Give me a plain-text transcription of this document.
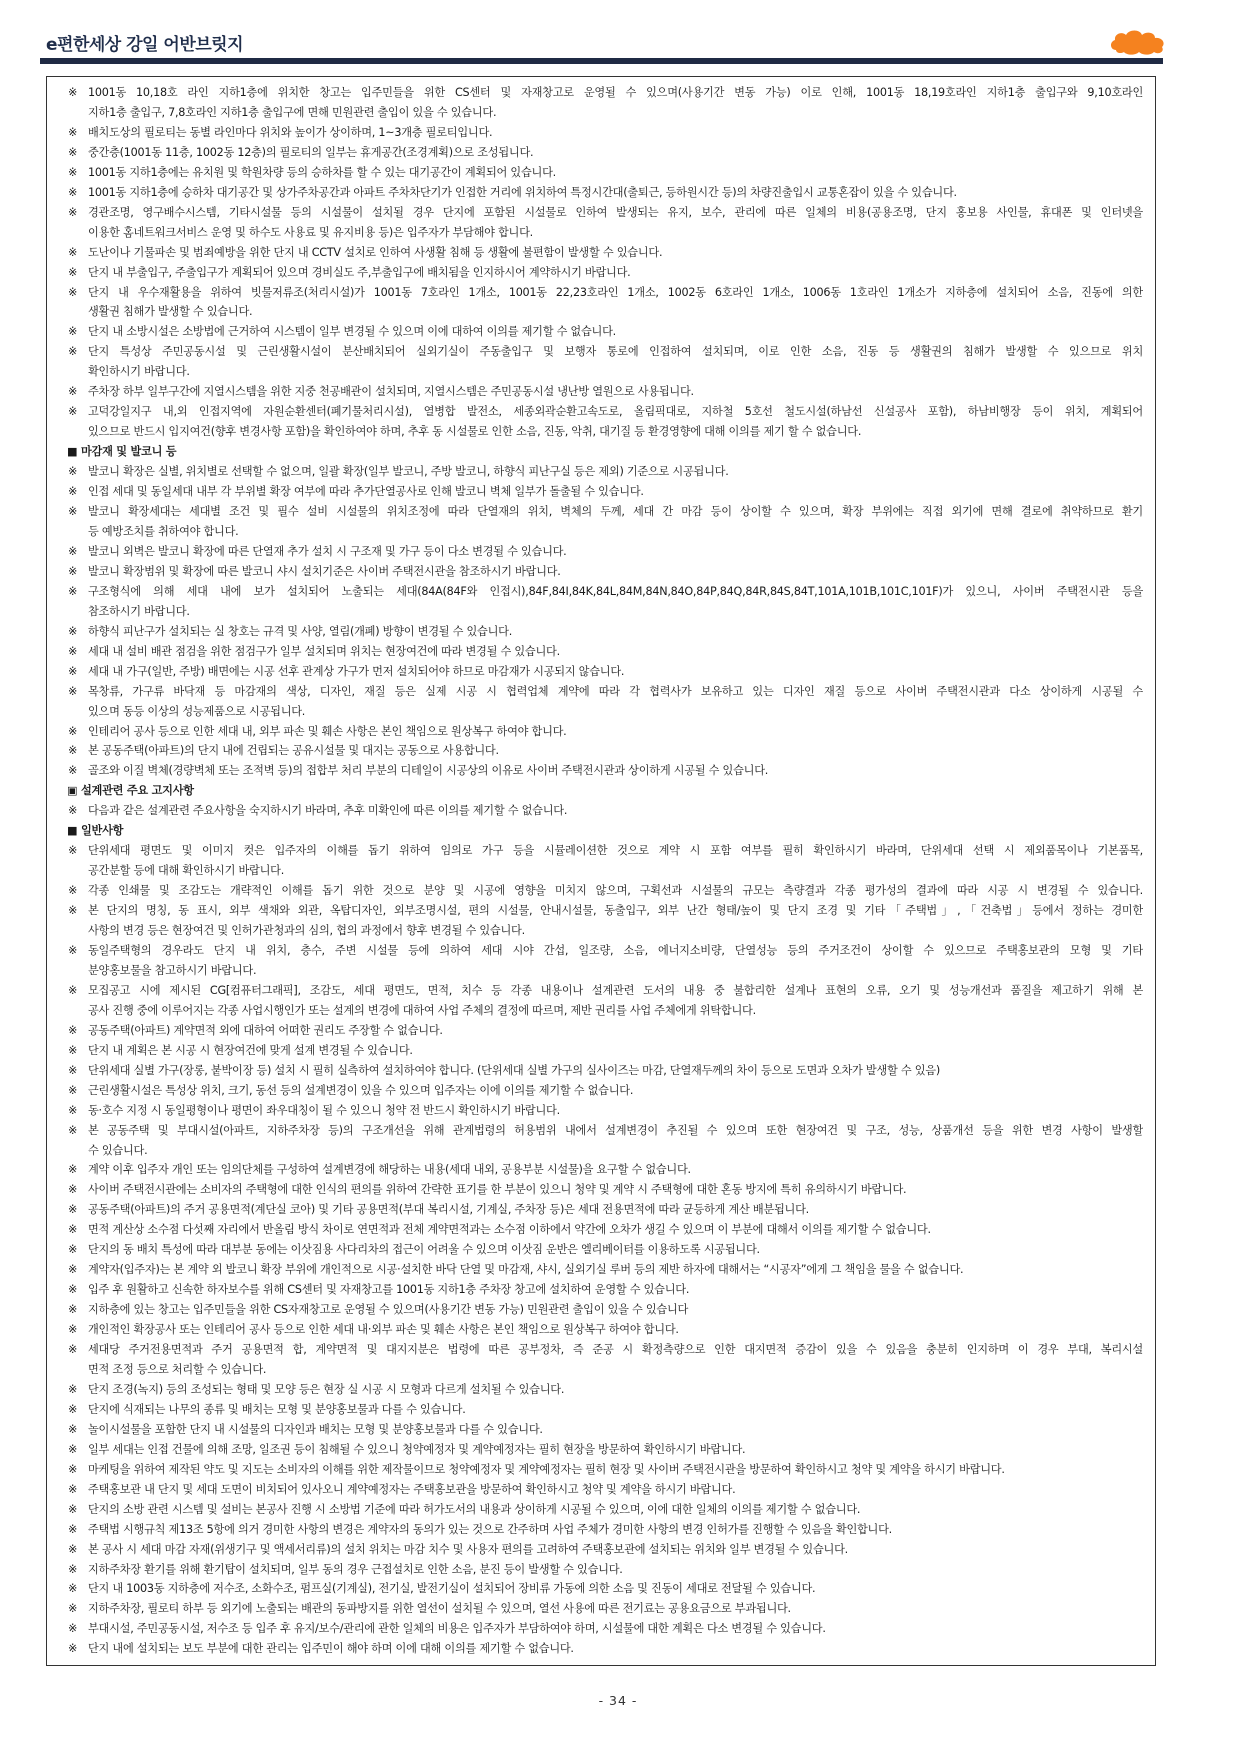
e편한세상 강일 어반브릿지
※ 1001동 10,18호 라인 지하1층에 위치한 창고는 입주민들을 위한 CS센터 및 자재창고로 운영될 수 있으며(사용기간 변동 가능) 이로 인해, 1001동 18,19호라인 지하1층 출입구와 9,10호라인
지하1층 출입구, 7,8호라인 지하1층 출입구에 면해 민원관련 출입이 있을 수 있습니다.
※ 배치도상의 필로티는 동별 라인마다 위치와 높이가 상이하며, 1~3개층 필로티입니다.
※ 중간층(1001동 11층, 1002동 12층)의 필로티의 일부는 휴게공간(조경계획)으로 조성됩니다.
※ 1001동 지하1층에는 유치원 및 학원차량 등의 승하차를 할 수 있는 대기공간이 계획되어 있습니다.
※ 1001동 지하1층에 승하차 대기공간 및 상가주차공간과 아파트 주차차단기가 인접한 거리에 위치하여 특정시간대(출퇴근, 등하원시간 등)의 차량진출입시 교통혼잡이 있을 수 있습니다.
※ 경관조명, 영구배수시스템, 기타시설물 등의 시설물이 설치될 경우 단지에 포함된 시설물로 인하여 발생되는 유지, 보수, 관리에 따른 일체의 비용(공용조명, 단지 홍보용 사인물, 휴대폰 및 인터넷을
이용한 홈네트워크서비스 운영 및 하수도 사용료 및 유지비용 등)은 입주자가 부담해야 합니다.
※ 도난이나 기물파손 및 범죄예방을 위한 단지 내 CCTV 설치로 인하여 사생활 침해 등 생활에 불편함이 발생할 수 있습니다.
※ 단지 내 부출입구, 주출입구가 계획되어 있으며 경비실도 주,부출입구에 배치됨을 인지하시어 계약하시기 바랍니다.
※ 단지 내 우수재활용을 위하여 빗물저류조(처리시설)가 1001동 7호라인 1개소, 1001동 22,23호라인 1개소, 1002동 6호라인 1개소, 1006동 1호라인 1개소가 지하층에 설치되어 소음, 진동에 의한
생활권 침해가 발생할 수 있습니다.
※ 단지 내 소방시설은 소방법에 근거하여 시스템이 일부 변경될 수 있으며 이에 대하여 이의를 제기할 수 없습니다.
※ 단지 특성상 주민공동시설 및 근린생활시설이 분산배치되어 실외기실이 주동출입구 및 보행자 통로에 인접하여 설치되며, 이로 인한 소음, 진동 등 생활권의 침해가 발생할 수 있으므로 위치
확인하시기 바랍니다.
※ 주차장 하부 일부구간에 지열시스템을 위한 지중 천공배관이 설치되며, 지열시스템은 주민공동시설 냉난방 열원으로 사용됩니다.
※ 고덕강일지구 내,외 인접지역에 자원순환센터(폐기물처리시설), 열병합 발전소, 세종외곽순환고속도로, 올림픽대로, 지하철 5호선 철도시설(하남선 신설공사 포함), 하남비행장 등이 위치, 계획되어
있으므로 반드시 입지여건(향후 변경사항 포함)을 확인하여야 하며, 추후 동 시설물로 인한 소음, 진동, 악취, 대기질 등 환경영향에 대해 이의를 제기 할 수 없습니다.
■ 마감재 및 발코니 등
※ 발코니 확장은 실별, 위치별로 선택할 수 없으며, 일괄 확장(일부 발코니, 주방 발코니, 하향식 피난구실 등은 제외) 기준으로 시공됩니다.
※ 인접 세대 및 동일세대 내부 각 부위별 확장 여부에 따라 추가단열공사로 인해 발코니 벽체 일부가 돌출될 수 있습니다.
※ 발코니 확장세대는 세대별 조건 및 필수 설비 시설물의 위치조정에 따라 단열재의 위치, 벽체의 두께, 세대 간 마감 등이 상이할 수 있으며, 확장 부위에는 직접 외기에 면해 결로에 취약하므로 환기
등 예방조치를 취하여야 합니다.
※ 발코니 외벽은 발코니 확장에 따른 단열재 추가 설치 시 구조재 및 가구 등이 다소 변경될 수 있습니다.
※ 발코니 확장범위 및 확장에 따른 발코니 샤시 설치기준은 사이버 주택전시관을 참조하시기 바랍니다.
※ 구조형식에 의해 세대 내에 보가 설치되어 노출되는 세대(84A(84F와 인접시),84F,84I,84K,84L,84M,84N,84O,84P,84Q,84R,84S,84T,101A,101B,101C,101F)가 있으니, 사이버 주택전시관 등을
참조하시기 바랍니다.
※ 하향식 피난구가 설치되는 실 창호는 규격 및 사양, 열림(개폐) 방향이 변경될 수 있습니다.
※ 세대 내 설비 배관 점검을 위한 점검구가 일부 설치되며 위치는 현장여건에 따라 변경될 수 있습니다.
※ 세대 내 가구(일반, 주방) 배면에는 시공 선후 관계상 가구가 먼저 설치되어야 하므로 마감재가 시공되지 않습니다.
※ 목창류, 가구류 바닥재 등 마감재의 색상, 디자인, 재질 등은 실제 시공 시 협력업체 계약에 따라 각 협력사가 보유하고 있는 디자인 재질 등으로 사이버 주택전시관과 다소 상이하게 시공될 수
있으며 동등 이상의 성능제품으로 시공됩니다.
※ 인테리어 공사 등으로 인한 세대 내, 외부 파손 및 훼손 사항은 본인 책임으로 원상복구 하여야 합니다.
※ 본 공동주택(아파트)의 단지 내에 건립되는 공유시설물 및 대지는 공동으로 사용합니다.
※ 골조와 이질 벽체(경량벽체 또는 조적벽 등)의 접합부 처리 부분의 디테일이 시공상의 이유로 사이버 주택전시관과 상이하게 시공될 수 있습니다.
▣ 설계관련 주요 고지사항
※ 다음과 같은 설계관련 주요사항을 숙지하시기 바라며, 추후 미확인에 따른 이의를 제기할 수 없습니다.
■ 일반사항
※ 단위세대 평면도 및 이미지 컷은 입주자의 이해를 돕기 위하여 임의로 가구 등을 시뮬레이션한 것으로 계약 시 포함 여부를 필히 확인하시기 바라며, 단위세대 선택 시 제외품목이나 기본품목,
공간분할 등에 대해 확인하시기 바랍니다.
※ 각종 인쇄물 및 조감도는 개략적인 이해를 돕기 위한 것으로 분양 및 시공에 영향을 미치지 않으며, 구획선과 시설물의 규모는 측량결과 각종 평가성의 결과에 따라 시공 시 변경될 수 있습니다.
※ 본 단지의 명칭, 동 표시, 외부 색채와 외관, 옥탑디자인, 외부조명시설, 편의 시설물, 안내시설물, 동출입구, 외부 난간 형태/높이 및 단지 조경 및 기타「주택법」,「건축법」등에서 정하는 경미한
사항의 변경 등은 현장여건 및 인허가관청과의 심의, 협의 과정에서 향후 변경될 수 있습니다.
※ 동일주택형의 경우라도 단지 내 위치, 층수, 주변 시설물 등에 의하여 세대 시야 간섭, 일조량, 소음, 에너지소비량, 단열성능 등의 주거조건이 상이할 수 있으므로 주택홍보관의 모형 및 기타
분양홍보물을 참고하시기 바랍니다.
※ 모집공고 시에 제시된 CG[컴퓨터그래픽], 조감도, 세대 평면도, 면적, 치수 등 각종 내용이나 설계관련 도서의 내용 중 불합리한 설계나 표현의 오류, 오기 및 성능개선과 품질을 제고하기 위해 본
공사 진행 중에 이루어지는 각종 사업시행인가 또는 설계의 변경에 대하여 사업 주체의 결정에 따르며, 제반 권리를 사업 주체에게 위탁합니다.
※ 공동주택(아파트) 계약면적 외에 대하여 어떠한 권리도 주장할 수 없습니다.
※ 단지 내 계획은 본 시공 시 현장여건에 맞게 설계 변경될 수 있습니다.
※ 단위세대 실별 가구(장롱, 붙박이장 등) 설치 시 필히 실측하여 설치하여야 합니다. (단위세대 실별 가구의 실사이즈는 마감, 단열재두께의 차이 등으로 도면과 오차가 발생할 수 있음)
※ 근린생활시설은 특성상 위치, 크기, 동선 등의 설계변경이 있을 수 있으며 입주자는 이에 이의를 제기할 수 없습니다.
※ 동·호수 지정 시 동일평형이나 평면이 좌우대칭이 될 수 있으니 청약 전 반드시 확인하시기 바랍니다.
※ 본 공동주택 및 부대시설(아파트, 지하주차장 등)의 구조개선을 위해 관계법령의 허용범위 내에서 설계변경이 추진될 수 있으며 또한 현장여건 및 구조, 성능, 상품개선 등을 위한 변경 사항이 발생할
수 있습니다.
※ 계약 이후 입주자 개인 또는 임의단체를 구성하여 설계변경에 해당하는 내용(세대 내외, 공용부분 시설물)을 요구할 수 없습니다.
※ 사이버 주택전시관에는 소비자의 주택형에 대한 인식의 편의를 위하여 간략한 표기를 한 부분이 있으니 청약 및 계약 시 주택형에 대한 혼동 방지에 특히 유의하시기 바랍니다.
※ 공동주택(아파트)의 주거 공용면적(계단실 코아) 및 기타 공용면적(부대 복리시설, 기계실, 주차장 등)은 세대 전용면적에 따라 균등하게 계산 배분됩니다.
※ 면적 계산상 소수점 다섯째 자리에서 반올림 방식 차이로 연면적과 전체 계약면적과는 소수점 이하에서 약간에 오차가 생길 수 있으며 이 부분에 대해서 이의를 제기할 수 없습니다.
※ 단지의 동 배치 특성에 따라 대부분 동에는 이삿짐용 사다리차의 접근이 어려울 수 있으며 이삿짐 운반은 엘리베이터를 이용하도록 시공됩니다.
※ 계약자(입주자)는 본 계약 외 발코니 확장 부위에 개인적으로 시공·설치한 바닥 단열 및 마감재, 샤시, 실외기실 루버 등의 제반 하자에 대해서는 “시공자”에게 그 책임을 물을 수 없습니다.
※ 입주 후 원활하고 신속한 하자보수를 위해 CS센터 및 자재창고를 1001동 지하1층 주차장 창고에 설치하여 운영할 수 있습니다.
※ 지하층에 있는 창고는 입주민들을 위한 CS자재창고로 운영될 수 있으며(사용기간 변동 가능) 민원관련 출입이 있을 수 있습니다
※ 개인적인 확장공사 또는 인테리어 공사 등으로 인한 세대 내·외부 파손 및 훼손 사항은 본인 책임으로 원상복구 하여야 합니다.
※ 세대당 주거전용면적과 주거 공용면적 합, 계약면적 및 대지지분은 법령에 따른 공부정차, 즉 준공 시 확정측량으로 인한 대지면적 증감이 있을 수 있음을 충분히 인지하며 이 경우 부대, 복리시설
면적 조정 등으로 처리할 수 있습니다.
※ 단지 조경(녹지) 등의 조성되는 형태 및 모양 등은 현장 실 시공 시 모형과 다르게 설치될 수 있습니다.
※ 단지에 식재되는 나무의 종류 및 배치는 모형 및 분양홍보물과 다를 수 있습니다.
※ 놀이시설물을 포함한 단지 내 시설물의 디자인과 배치는 모형 및 분양홍보물과 다를 수 있습니다.
※ 일부 세대는 인접 건물에 의해 조망, 일조권 등이 침해될 수 있으니 청약예정자 및 계약예정자는 필히 현장을 방문하여 확인하시기 바랍니다.
※ 마케팅을 위하여 제작된 약도 및 지도는 소비자의 이해를 위한 제작물이므로 청약예정자 및 계약예정자는 필히 현장 및 사이버 주택전시관을 방문하여 확인하시고 청약 및 계약을 하시기 바랍니다.
※ 주택홍보관 내 단지 및 세대 도면이 비치되어 있사오니 계약예정자는 주택홍보관을 방문하여 확인하시고 청약 및 계약을 하시기 바랍니다.
※ 단지의 소방 관련 시스템 및 설비는 본공사 진행 시 소방법 기준에 따라 허가도서의 내용과 상이하게 시공될 수 있으며, 이에 대한 일체의 이의를 제기할 수 없습니다.
※ 주택법 시행규칙 제13조 5항에 의거 경미한 사항의 변경은 계약자의 동의가 있는 것으로 간주하며 사업 주체가 경미한 사항의 변경 인허가를 진행할 수 있음을 확인합니다.
※ 본 공사 시 세대 마감 자재(위생기구 및 액세서리류)의 설치 위치는 마감 치수 및 사용자 편의를 고려하여 주택홍보관에 설치되는 위치와 일부 변경될 수 있습니다.
※ 지하주차장 환기를 위해 환기탑이 설치되며, 일부 동의 경우 근접설치로 인한 소음, 분진 등이 발생할 수 있습니다.
※ 단지 내 1003동 지하층에 저수조, 소화수조, 펌프실(기계실), 전기실, 발전기실이 설치되어 장비류 가동에 의한 소음 및 진동이 세대로 전달될 수 있습니다.
※ 지하주차장, 필로티 하부 등 외기에 노출되는 배관의 동파방지를 위한 열선이 설치될 수 있으며, 열선 사용에 따른 전기료는 공용요금으로 부과됩니다.
※ 부대시설, 주민공동시설, 저수조 등 입주 후 유지/보수/관리에 관한 일체의 비용은 입주자가 부담하여야 하며, 시설물에 대한 계획은 다소 변경될 수 있습니다.
※ 단지 내에 설치되는 보도 부분에 대한 관리는 입주민이 해야 하며 이에 대해 이의를 제기할 수 없습니다.
- 34 -
